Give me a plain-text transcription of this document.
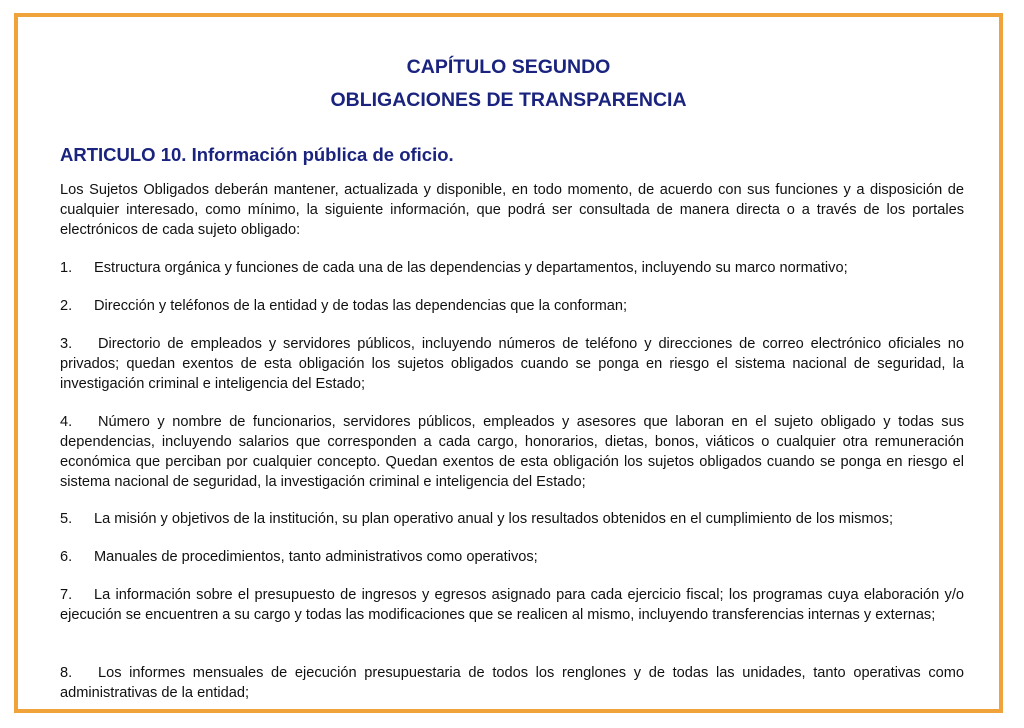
CAPÍTULO SEGUNDO
OBLIGACIONES DE TRANSPARENCIA
ARTICULO 10. Información pública de oficio.

Los Sujetos Obligados deberán mantener, actualizada y disponible, en todo momento, de acuerdo con sus funciones y a disposición de cualquier interesado, como mínimo, la siguiente información, que podrá ser consultada de manera directa o a través de los portales electrónicos de cada sujeto obligado:

1. Estructura orgánica y funciones de cada una de las dependencias y departamentos, incluyendo su marco normativo;

2. Dirección y teléfonos de la entidad y de todas las dependencias que la conforman;

3. Directorio de empleados y servidores públicos, incluyendo números de teléfono y direcciones de correo electrónico oficiales no privados; quedan exentos de esta obligación los sujetos obligados cuando se ponga en riesgo el sistema nacional de seguridad, la investigación criminal e inteligencia del Estado;

4. Número y nombre de funcionarios, servidores públicos, empleados y asesores que laboran en el sujeto obligado y todas sus dependencias, incluyendo salarios que corresponden a cada cargo, honorarios, dietas, bonos, viáticos o cualquier otra remuneración económica que perciban por cualquier concepto. Quedan exentos de esta obligación los sujetos obligados cuando se ponga en riesgo el sistema nacional de seguridad, la investigación criminal e inteligencia del Estado;

5. La misión y objetivos de la institución, su plan operativo anual y los resultados obtenidos en el cumplimiento de los mismos;

6. Manuales de procedimientos, tanto administrativos como operativos;

7. La información sobre el presupuesto de ingresos y egresos asignado para cada ejercicio fiscal; los programas cuya elaboración y/o ejecución se encuentren a su cargo y todas las modificaciones que se realicen al mismo, incluyendo transferencias internas y externas;

8. Los informes mensuales de ejecución presupuestaria de todos los renglones y de todas las unidades, tanto operativas como administrativas de la entidad;
